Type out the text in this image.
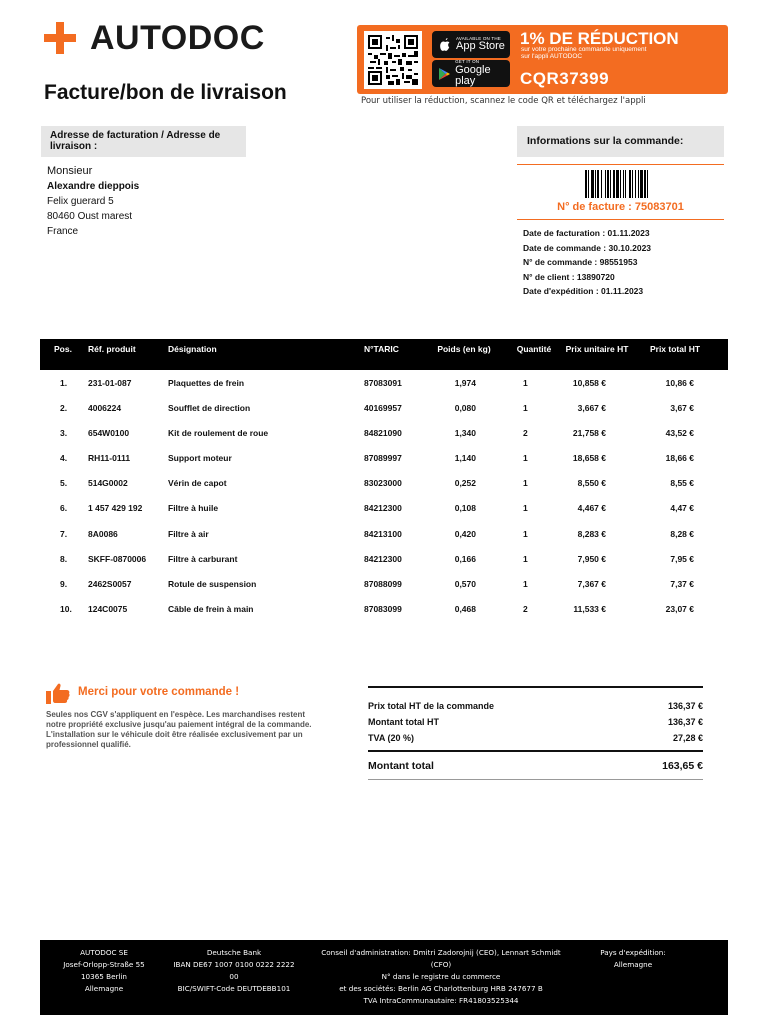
AUTODOC
Facture/bon de livraison
AVAILABLE ON THE
App Store
GET IT ON
Google play
1% DE RÉDUCTION
sur votre prochaine commande uniquement sur l'appli AUTODOC
CQR37399
Pour utiliser la réduction, scannez le code QR et téléchargez l'appli
Adresse de facturation / Adresse de livraison :
Monsieur
Alexandre dieppois
Felix guerard 5
80460 Oust marest
France
Informations sur la commande:
N° de facture : 75083701
Date de facturation : 01.11.2023
Date de commande : 30.10.2023
N° de commande : 98551953
N° de client : 13890720
Date d'expédition : 01.11.2023
Pos. Réf. produit	Désignation	N°TARIC	Poids (en kg)	Quantité	Prix unitaire HT	Prix total HT
1. 231-01-087	Plaquettes de frein	87083091	1,974	1	10,858 €	10,86 €
2. 4006224	Soufflet de direction	40169957	0,080	1	3,667 €	3,67 €
3. 654W0100	Kit de roulement de roue	84821090	1,340	2	21,758 €	43,52 €
4. RH11-0111	Support moteur	87089997	1,140	1	18,658 €	18,66 €
5. 514G0002	Vérin de capot	83023000	0,252	1	8,550 €	8,55 €
6. 1 457 429 192	Filtre à huile	84212300	0,108	1	4,467 €	4,47 €
7. 8A0086	Filtre à air	84213100	0,420	1	8,283 €	8,28 €
8. SKFF-0870006	Filtre à carburant	84212300	0,166	1	7,950 €	7,95 €
9. 2462S0057	Rotule de suspension	87088099	0,570	1	7,367 €	7,37 €
10. 124C0075	Câble de frein à main	87083099	0,468	2	11,533 €	23,07 €
Merci pour votre commande !
Seules nos CGV s'appliquent en l'espèce. Les marchandises restent notre propriété exclusive jusqu'au paiement intégral de la commande. L'installation sur le véhicule doit être réalisée exclusivement par un professionnel qualifié.
Prix total HT de la commande	136,37 €
Montant total HT	136,37 €
TVA (20 %)	27,28 €
Montant total	163,65 €
AUTODOC SE
Josef-Orlopp-Straße 55
10365 Berlin
Allemagne
Deutsche Bank
IBAN DE67 1007 0100 0222 2222 00
BIC/SWIFT-Code DEUTDEBB101
Conseil d'administration: Dmitri Zadorojnij (CEO), Lennart Schmidt
(CFO)
N° dans le registre du commerce
et des sociétés: Berlin AG Charlottenburg HRB 247677 B
TVA IntraCommunautaire: FR41803525344
Pays d'expédition:
Allemagne
